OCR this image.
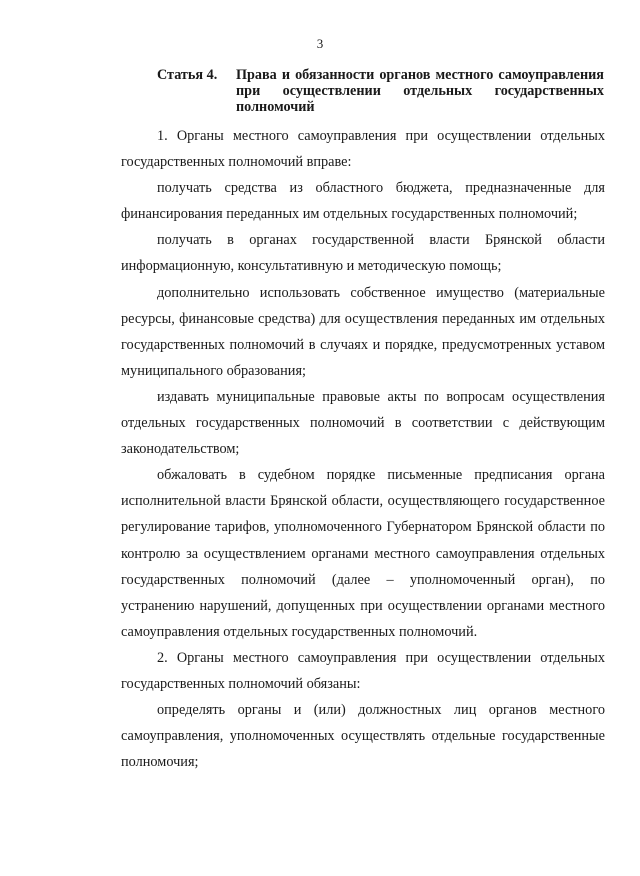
3
Статья 4. Права и обязанности органов местного самоуправления при осуществлении отдельных государственных полномочий

1. Органы местного самоуправления при осуществлении отдельных государственных полномочий вправе:

получать средства из областного бюджета, предназначенные для финансирования переданных им отдельных государственных полномочий;

получать в органах государственной власти Брянской области информационную, консультативную и методическую помощь;

дополнительно использовать собственное имущество (материальные ресурсы, финансовые средства) для осуществления переданных им отдельных государственных полномочий в случаях и порядке, предусмотренных уставом муниципального образования;

издавать муниципальные правовые акты по вопросам осуществления отдельных государственных полномочий в соответствии с действующим законодательством;

обжаловать в судебном порядке письменные предписания органа исполнительной власти Брянской области, осуществляющего государственное регулирование тарифов, уполномоченного Губернатором Брянской области по контролю за осуществлением органами местного самоуправления отдельных государственных полномочий (далее – уполномоченный орган), по устранению нарушений, допущенных при осуществлении органами местного самоуправления отдельных государственных полномочий.

2. Органы местного самоуправления при осуществлении отдельных государственных полномочий обязаны:

определять органы и (или) должностных лиц органов местного самоуправления, уполномоченных осуществлять отдельные государственные полномочия;
